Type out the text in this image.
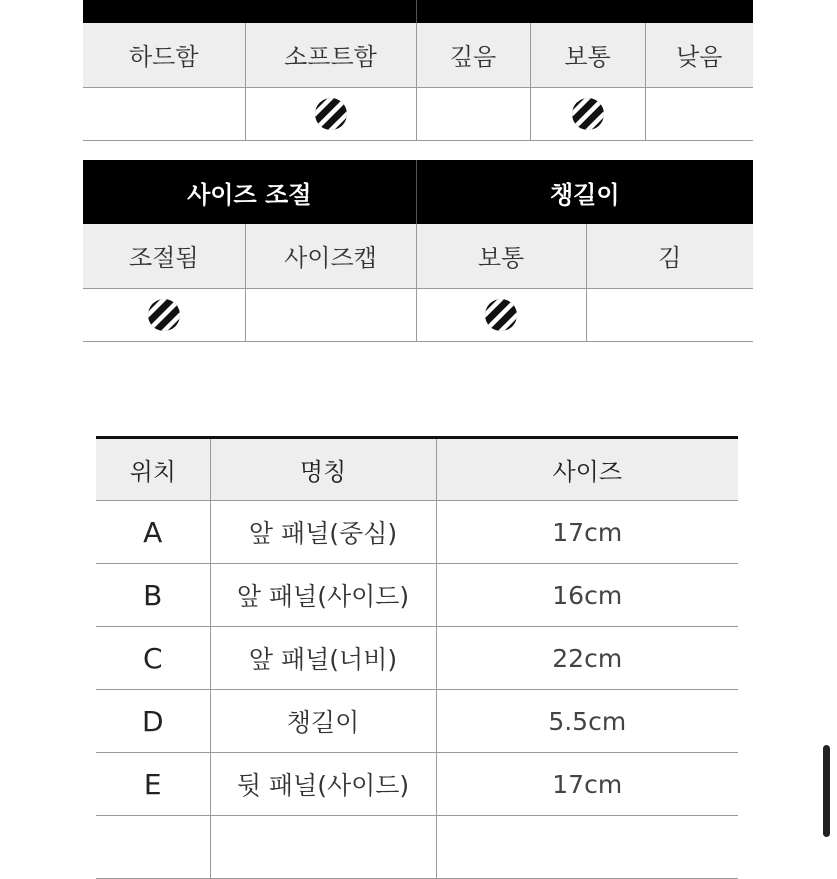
하드함	소프트함	깊음	보통	낮음

사이즈 조절		챙길이	
조절됨	사이즈캡	보통	김

위치	명칭	사이즈
A	앞 패널(중심)	17cm
B	앞 패널(사이드)	16cm
C	앞 패널(너비)	22cm
D	챙길이	5.5cm
E	뒷 패널(사이드)	17cm
